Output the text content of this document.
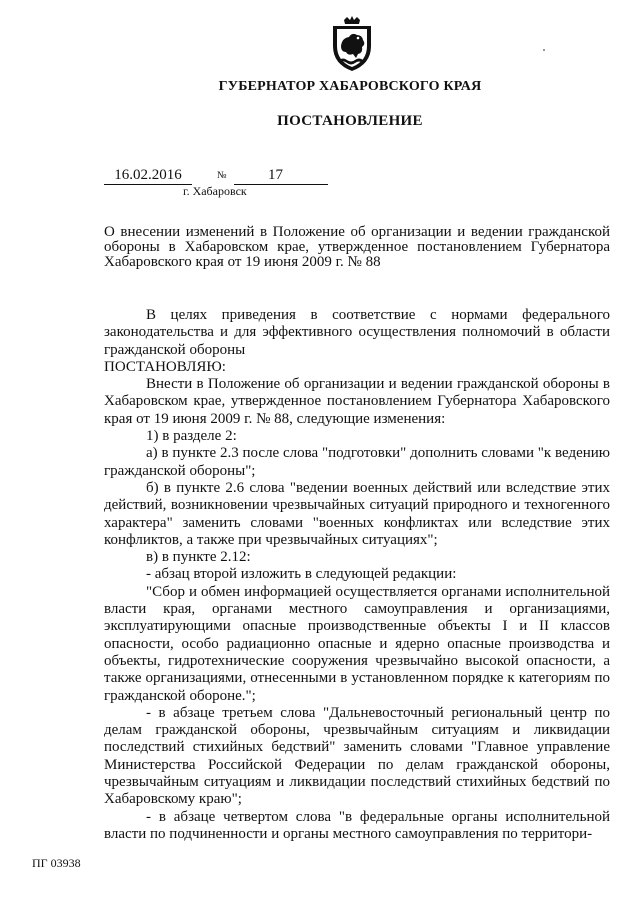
ГУБЕРНАТОР ХАБАРОВСКОГО КРАЯ
ПОСТАНОВЛЕНИЕ
16.02.2016	№	17
г. Хабаровск
О внесении изменений в Положение об организации и ведении гражданской обороны в Хабаровском крае, утвержденное постановлением Губернатора Хабаровского края от 19 июня 2009 г. № 88

В целях приведения в соответствие с нормами федерального законодательства и для эффективного осуществления полномочий в области гражданской обороны

ПОСТАНОВЛЯЮ:

Внести в Положение об организации и ведении гражданской обороны в Хабаровском крае, утвержденное постановлением Губернатора Хабаровского края от 19 июня 2009 г. № 88, следующие изменения:

1) в разделе 2:

а) в пункте 2.3 после слова "подготовки" дополнить словами "к ведению гражданской обороны";

б) в пункте 2.6 слова "ведении военных действий или вследствие этих действий, возникновении чрезвычайных ситуаций природного и техногенного характера" заменить словами "военных конфликтах или вследствие этих конфликтов, а также при чрезвычайных ситуациях";

в) в пункте 2.12:

- абзац второй изложить в следующей редакции:

"Сбор и обмен информацией осуществляется органами исполнительной власти края, органами местного самоуправления и организациями, эксплуатирующими опасные производственные объекты I и II классов опасности, особо радиационно опасные и ядерно опасные производства и объекты, гидротехнические сооружения чрезвычайно высокой опасности, а также организациями, отнесенными в установленном порядке к категориям по гражданской обороне.";

- в абзаце третьем слова "Дальневосточный региональный центр по делам гражданской обороны, чрезвычайным ситуациям и ликвидации последствий стихийных бедствий" заменить словами "Главное управление Министерства Российской Федерации по делам гражданской обороны, чрезвычайным ситуациям и ликвидации последствий стихийных бедствий по Хабаровскому краю";

- в абзаце четвертом слова "в федеральные органы исполнительной власти по подчиненности и органы местного самоуправления по территори-

ПГ 03938
